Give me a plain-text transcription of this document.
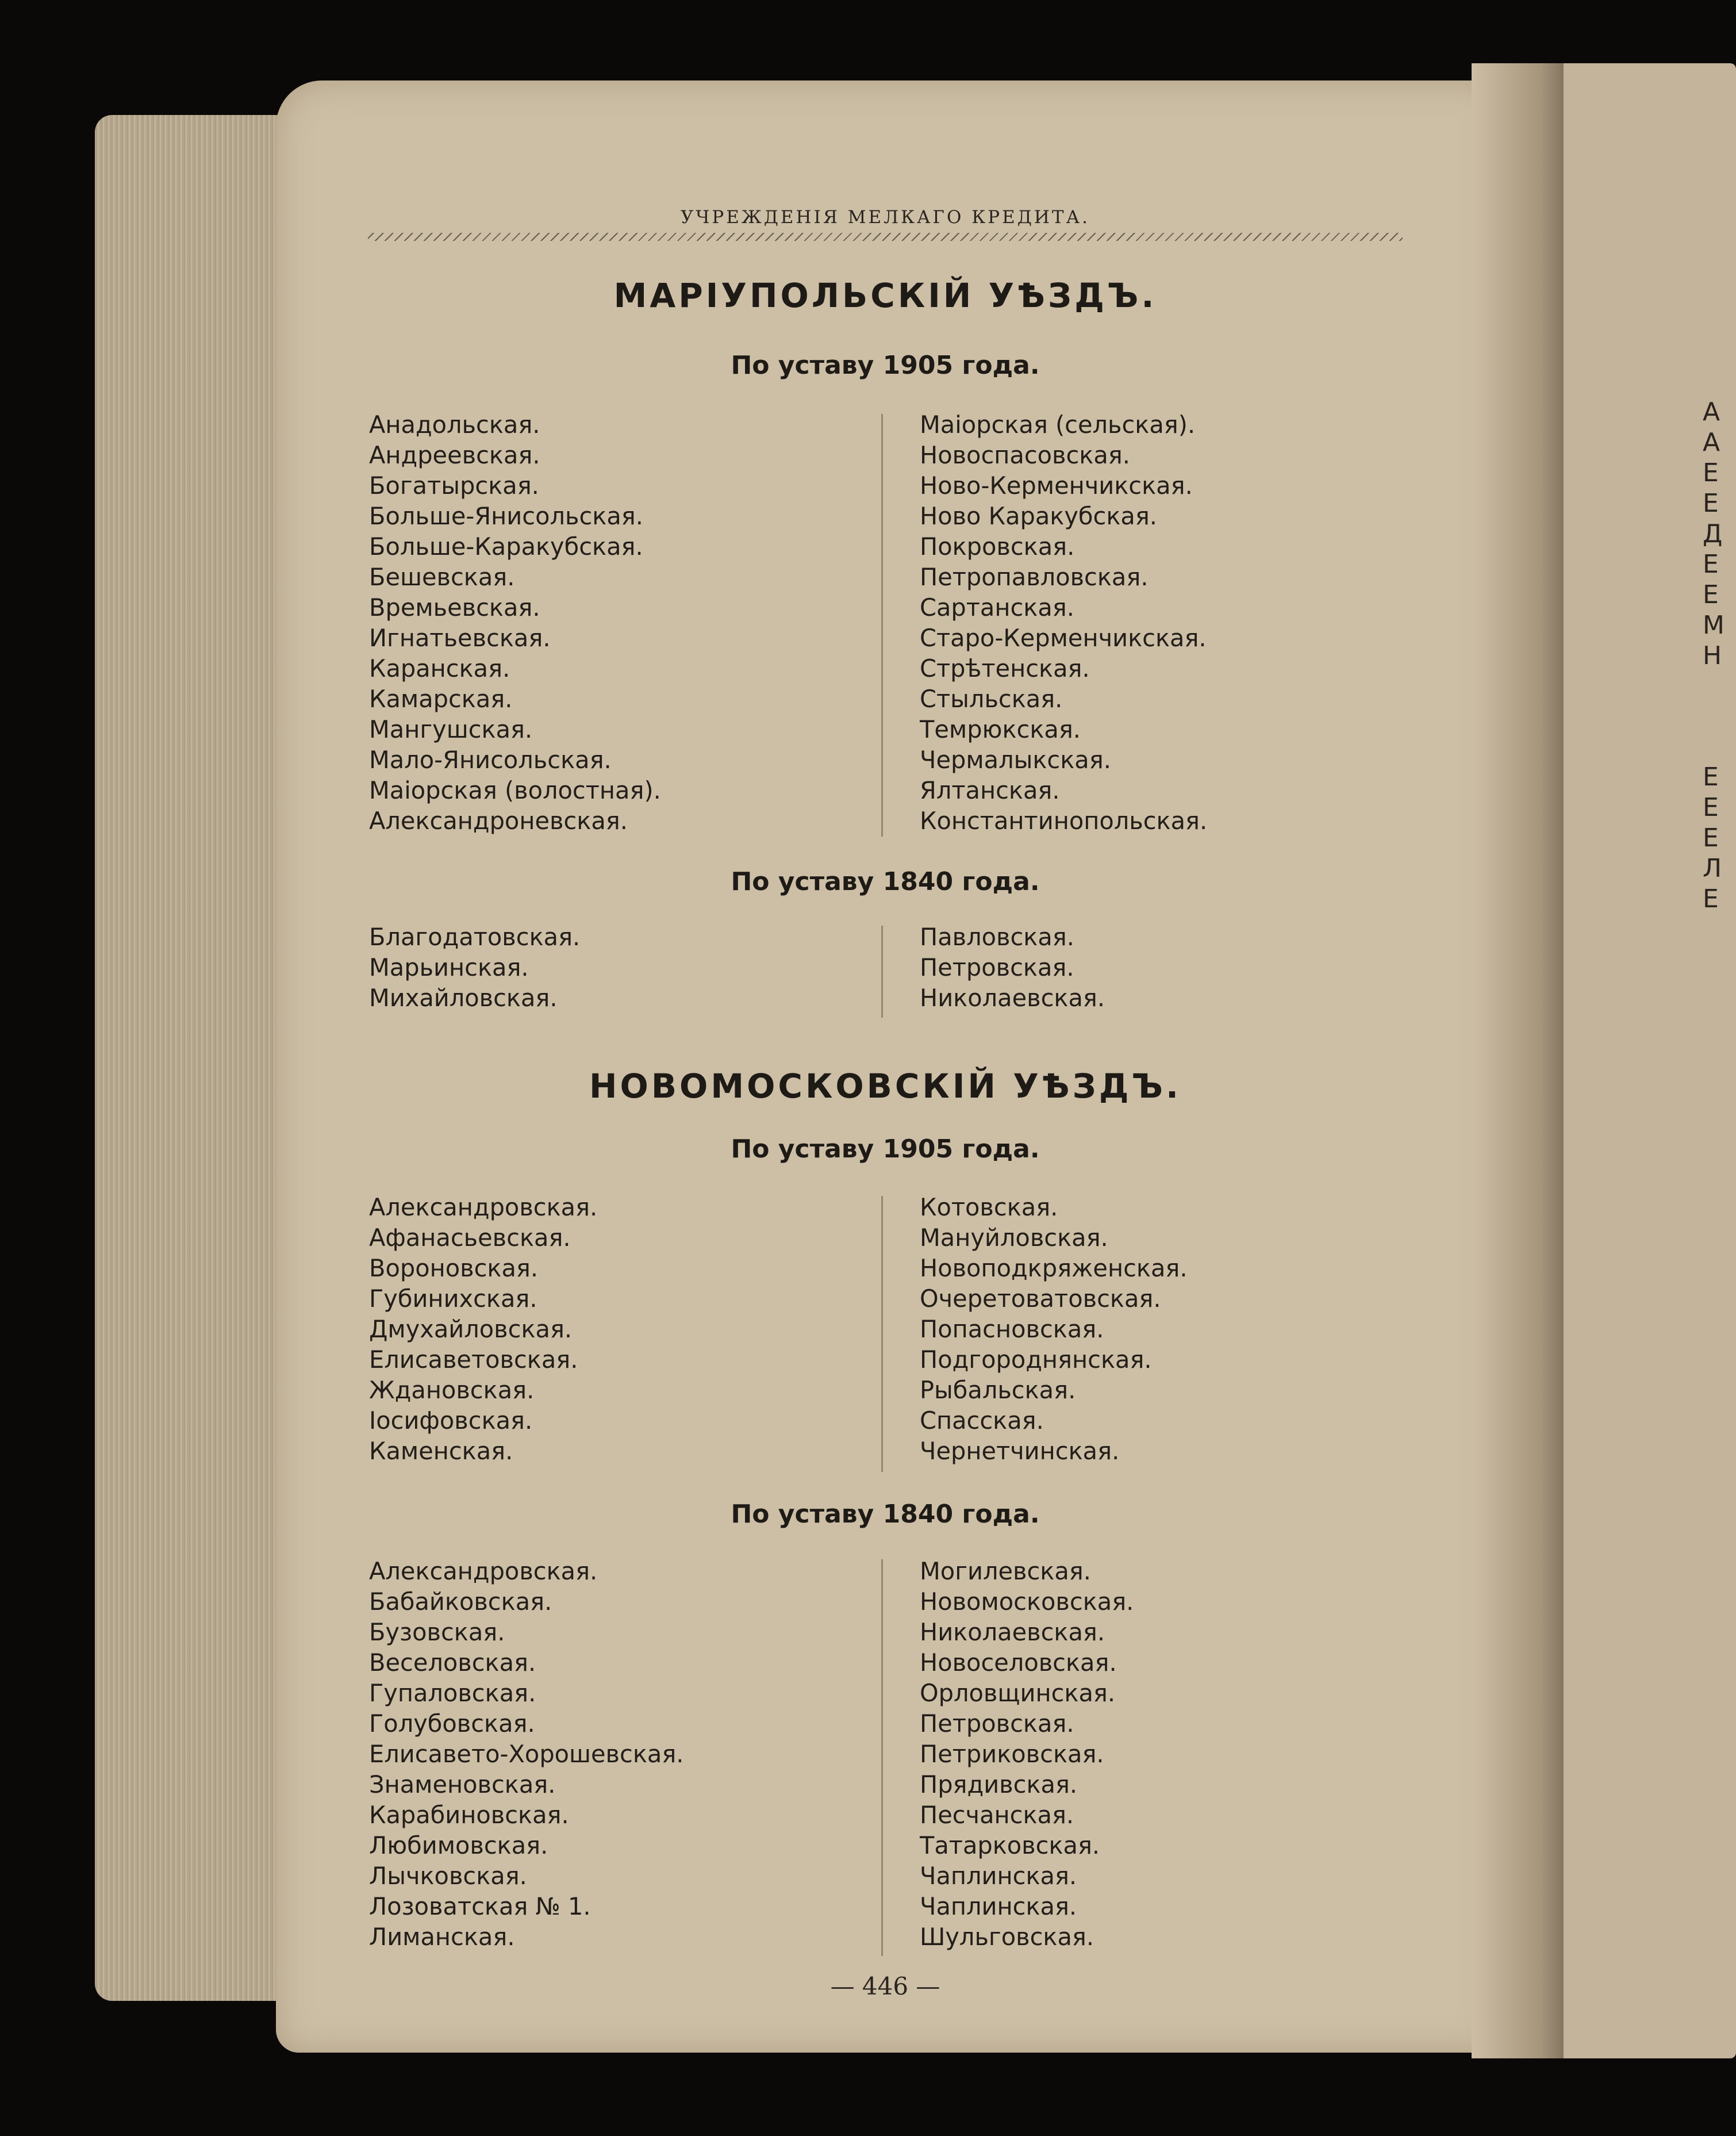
А
А
Е
Е
Д
Е
Е
М
Н
Е
Е
Е
Л
Е
УЧРЕЖДЕНІЯ МЕЛКАГО КРЕДИТА.
МАРІУПОЛЬСКІЙ УѢЗДЪ.
По уставу 1905 года.
Анадольская.
Андреевская.
Богатырская.
Больше-Янисольская.
Больше-Каракубская.
Бешевская.
Времьевская.
Игнатьевская.
Каранская.
Камарская.
Мангушская.
Мало-Янисольская.
Маіорская (волостная).
Александроневская.
Маіорская (сельская).
Новоспасовская.
Ново-Керменчикская.
Ново Каракубская.
Покровская.
Петропавловская.
Сартанская.
Старо-Керменчикская.
Стрѣтенская.
Стыльская.
Темрюкская.
Чермалыкская.
Ялтанская.
Константинопольская.
По уставу 1840 года.
Благодатовская.
Марьинская.
Михайловская.
Павловская.
Петровская.
Николаевская.
НОВОМОСКОВСКІЙ УѢЗДЪ.
По уставу 1905 года.
Александровская.
Афанасьевская.
Вороновская.
Губинихская.
Дмухайловская.
Елисаветовская.
Ждановская.
Іосифовская.
Каменская.
Котовская.
Мануйловская.
Новоподкряженская.
Очеретоватовская.
Попасновская.
Подгороднянская.
Рыбальская.
Спасская.
Чернетчинская.
По уставу 1840 года.
Александровская.
Бабайковская.
Бузовская.
Веселовская.
Гупаловская.
Голубовская.
Елисавето-Хорошевская.
Знаменовская.
Карабиновская.
Любимовская.
Лычковская.
Лозоватская № 1.
Лиманская.
Могилевская.
Новомосковская.
Николаевская.
Новоселовская.
Орловщинская.
Петровская.
Петриковская.
Прядивская.
Песчанская.
Татарковская.
Чаплинская.
Чаплинская.
Шульговская.
— 446 —
